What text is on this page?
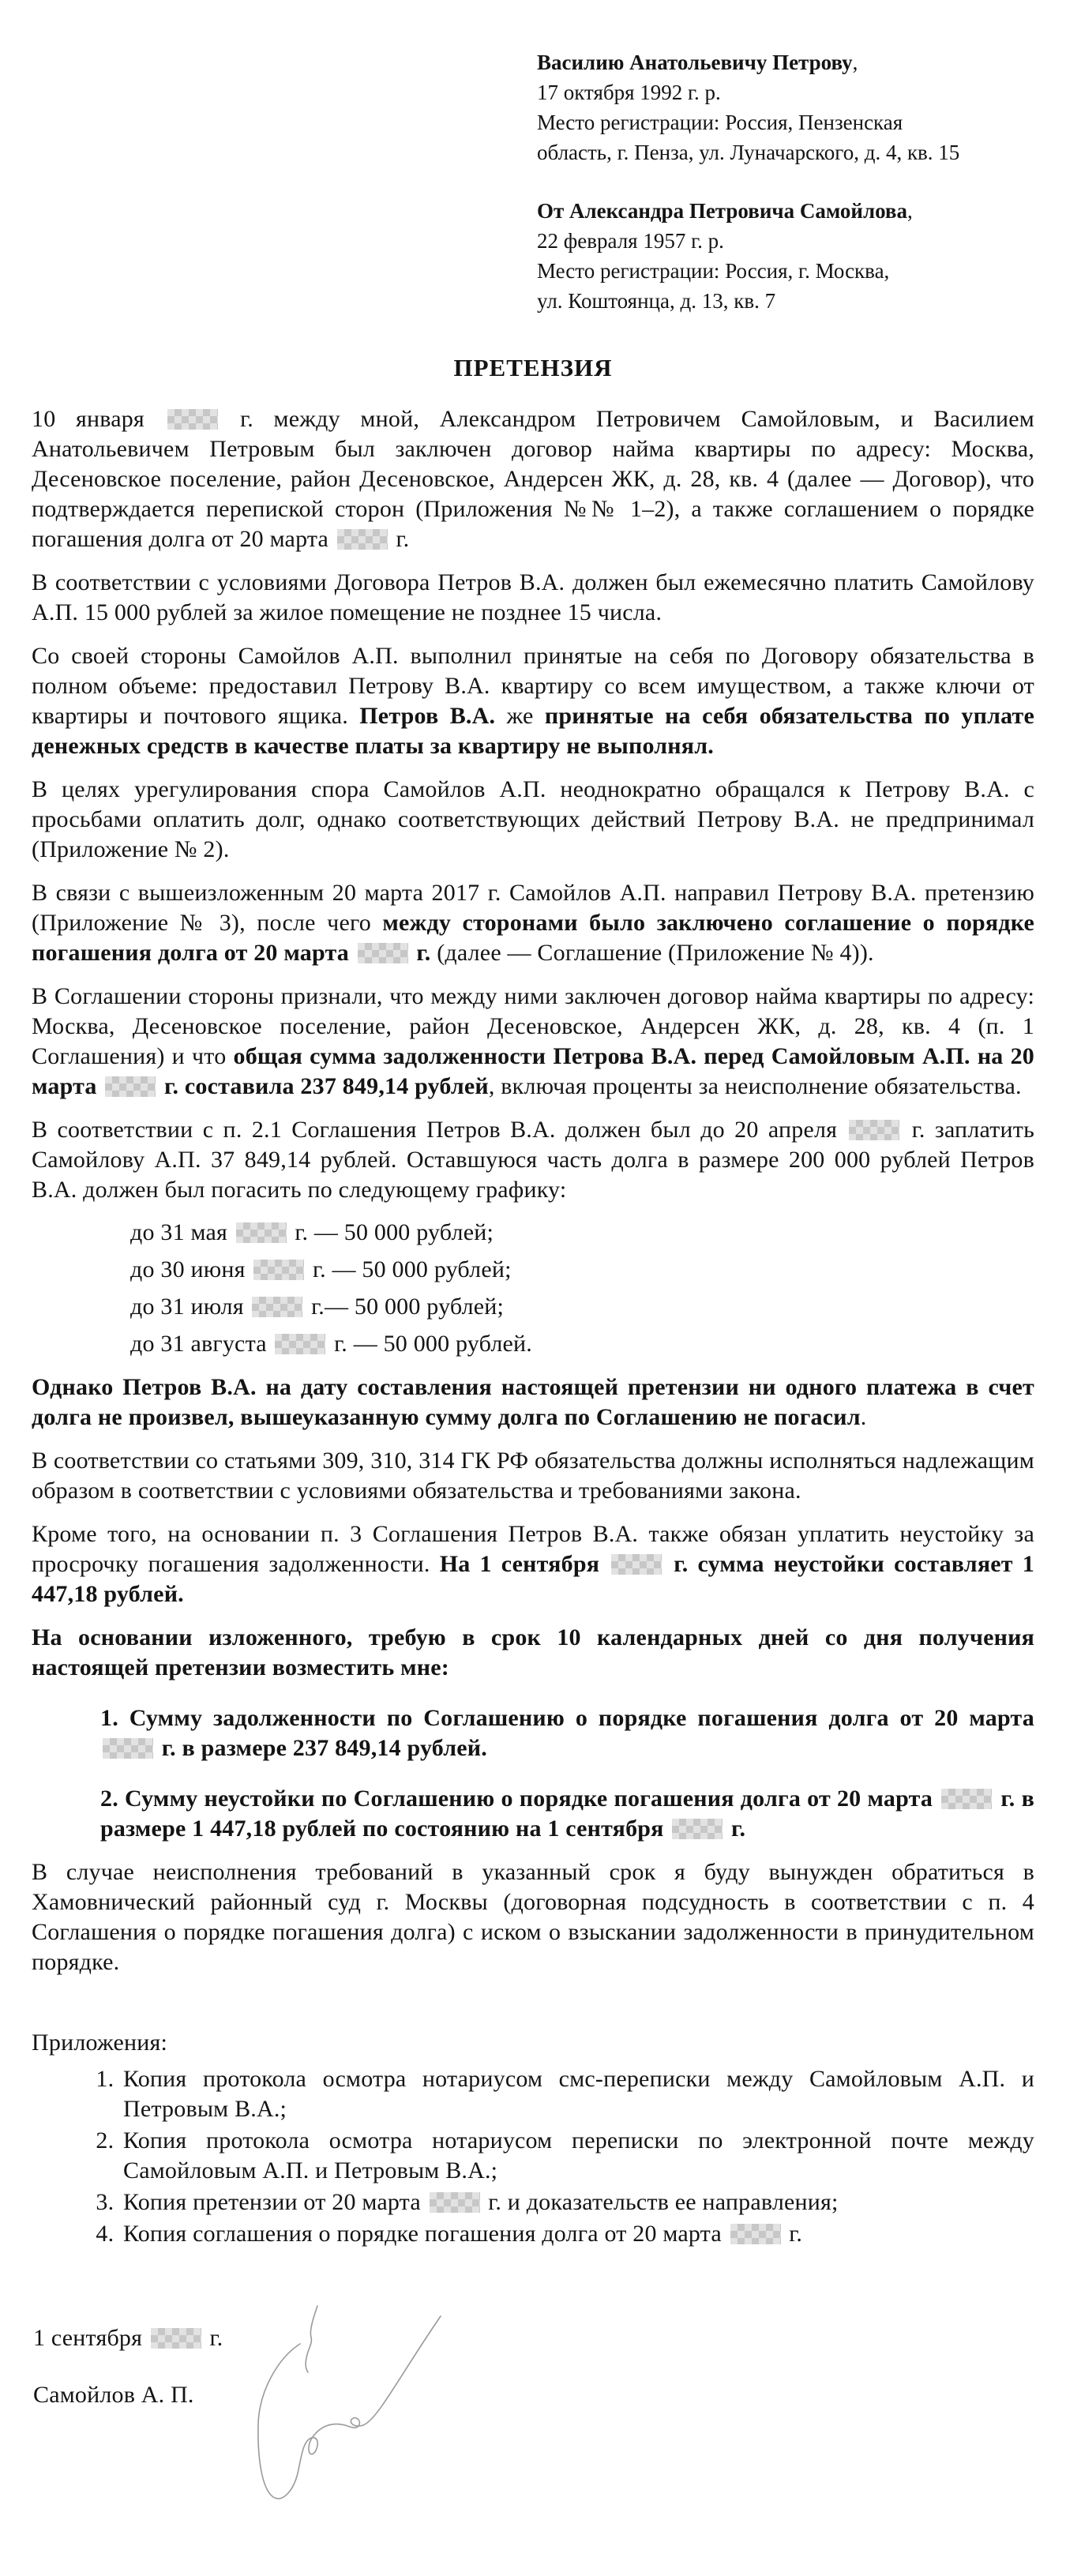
Василию Анатольевичу Петрову,
17 октября 1992 г. р.
Место регистрации: Россия, Пензенская
область, г. Пенза, ул. Луначарского, д. 4, кв. 15
От Александра Петровича Самойлова,
22 февраля 1957 г. р.
Место регистрации: Россия, г. Москва,
ул. Коштоянца, д. 13, кв. 7
ПРЕТЕНЗИЯ

10 января  г. между мной, Александром Петровичем Самойловым, и Василием Анатольевичем Петровым был заключен договор найма квартиры по адресу: Москва, Десеновское поселение, район Десеновское, Андерсен ЖК, д. 28, кв. 4 (далее — Договор), что подтверждается перепиской сторон (Приложения №№ 1–2), а также соглашением о порядке погашения долга от 20 марта  г.

В соответствии с условиями Договора Петров В.А. должен был ежемесячно платить Самойлову А.П. 15 000 рублей за жилое помещение не позднее 15 числа.

Со своей стороны Самойлов А.П. выполнил принятые на себя по Договору обязательства в полном объеме: предоставил Петрову В.А. квартиру со всем имуществом, а также ключи от квартиры и почтового ящика. Петров В.А. же принятые на себя обязательства по уплате денежных средств в качестве платы за квартиру не выполнял.

В целях урегулирования спора Самойлов А.П. неоднократно обращался к Петрову В.А. с просьбами оплатить долг, однако соответствующих действий Петрову В.А. не предпринимал (Приложение № 2).

В связи с вышеизложенным 20 марта 2017 г. Самойлов А.П. направил Петрову В.А. претензию (Приложение № 3), после чего между сторонами было заключено соглашение о порядке погашения долга от 20 марта  г. (далее — Соглашение (Приложение № 4)).

В Соглашении стороны признали, что между ними заключен договор найма квартиры по адресу: Москва, Десеновское поселение, район Десеновское, Андерсен ЖК, д. 28, кв. 4 (п. 1 Соглашения) и что общая сумма задолженности Петрова В.А. перед Самойловым А.П. на 20 марта  г. составила 237 849,14 рублей, включая проценты за неисполнение обязательства.

В соответствии с п. 2.1 Соглашения Петров В.А. должен был до 20 апреля  г. заплатить Самойлову А.П. 37 849,14 рублей. Оставшуюся часть долга в размере 200 000 рублей Петров В.А. должен был погасить по следующему графику:

до 31 мая  г. — 50 000 рублей;

до 30 июня  г. — 50 000 рублей;

до 31 июля  г.— 50 000 рублей;

до 31 августа  г. — 50 000 рублей.

Однако Петров В.А. на дату составления настоящей претензии ни одного платежа в счет долга не произвел, вышеуказанную сумму долга по Соглашению не погасил.

В соответствии со статьями 309, 310, 314 ГК РФ обязательства должны исполняться надлежащим образом в соответствии с условиями обязательства и требованиями закона.

Кроме того, на основании п. 3 Соглашения Петров В.А. также обязан уплатить неустойку за просрочку погашения задолженности. На 1 сентября  г. сумма неустойки составляет 1 447,18 рублей.

На основании изложенного, требую в срок 10 календарных дней со дня получения настоящей претензии возместить мне:

1. Сумму задолженности по Соглашению о порядке погашения долга от 20 марта  г. в размере 237 849,14 рублей.

2. Сумму неустойки по Соглашению о порядке погашения долга от 20 марта  г. в размере 1 447,18 рублей по состоянию на 1 сентября  г.

В случае неисполнения требований в указанный срок я буду вынужден обратиться в Хамовнический районный суд г. Москвы (договорная подсудность в соответствии с п. 4 Соглашения о порядке погашения долга) с иском о взыскании задолженности в принудительном порядке.

Приложения:

1. Копия протокола осмотра нотариусом смс-переписки между Самойловым А.П. и Петровым В.А.;
2. Копия протокола осмотра нотариусом переписки по электронной почте между Самойловым А.П. и Петровым В.А.;
3. Копия претензии от 20 марта  г. и доказательств ее направления;
4. Копия соглашения о порядке погашения долга от 20 марта  г.
1 сентября  г.
Самойлов А. П.
